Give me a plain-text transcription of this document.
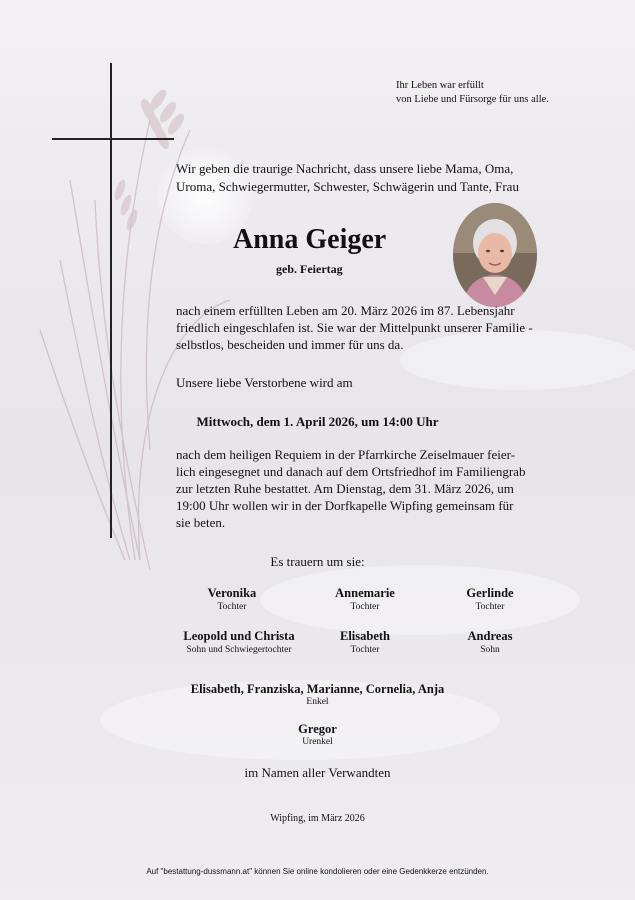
Ihr Leben war erfüllt
von Liebe und Fürsorge für uns alle.
Wir geben die traurige Nachricht, dass unsere liebe Mama, Oma,
Uroma, Schwiegermutter, Schwester, Schwägerin und Tante, Frau
Anna Geiger
geb. Feiertag
nach einem erfüllten Leben am 20. März 2026 im 87. Lebensjahr
friedlich eingeschlafen ist. Sie war der Mittelpunkt unserer Familie -
selbstlos, bescheiden und immer für uns da.
Unsere liebe Verstorbene wird am
Mittwoch, dem 1. April 2026, um 14:00 Uhr
nach dem heiligen Requiem in der Pfarrkirche Zeiselmauer feier-
lich eingesegnet und danach auf dem Ortsfriedhof im Familiengrab
zur letzten Ruhe bestattet. Am Dienstag, dem 31. März 2026, um
19:00 Uhr wollen wir in der Dorfkapelle Wipfing gemeinsam für
sie beten.
Es trauern um sie:
Veronika
Tochter
Annemarie
Tochter
Gerlinde
Tochter
Leopold und Christa
Sohn und Schwiegertochter
Elisabeth
Tochter
Andreas
Sohn
Elisabeth, Franziska, Marianne, Cornelia, Anja
Enkel
Gregor
Urenkel
im Namen aller Verwandten
Wipfing, im März 2026
Auf "bestattung-dussmann.at" können Sie online kondolieren oder eine Gedenkkerze entzünden.
